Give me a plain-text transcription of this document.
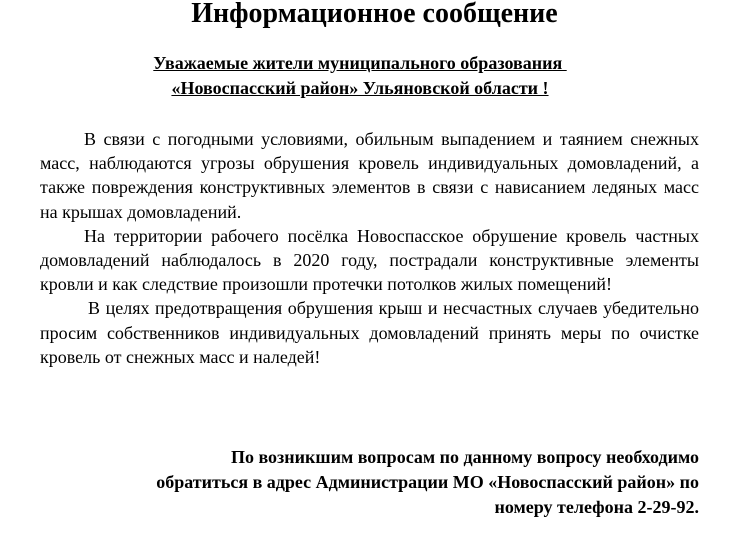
Информационное сообщение

Уважаемые жители муниципального образования
«Новоспасский район» Ульяновской области !

В связи с погодными условиями, обильным выпадением и таянием снежных масс, наблюдаются угрозы обрушения кровель индивидуальных домовладений, а также повреждения конструктивных элементов в связи с нависанием ледяных масс на крышах домовладений.

На территории рабочего посёлка Новоспасское обрушение кровель частных домовладений наблюдалось в 2020 году, пострадали конструктивные элементы кровли и как следствие произошли протечки потолков жилых помещений!

В целях предотвращения обрушения крыш и несчастных случаев убедительно просим собственников индивидуальных домовладений принять меры по очистке кровель от снежных масс и наледей!

По возникшим вопросам по данному вопросу необходимо
обратиться в адрес Администрации МО «Новоспасский район» по
номеру телефона 2-29-92.
